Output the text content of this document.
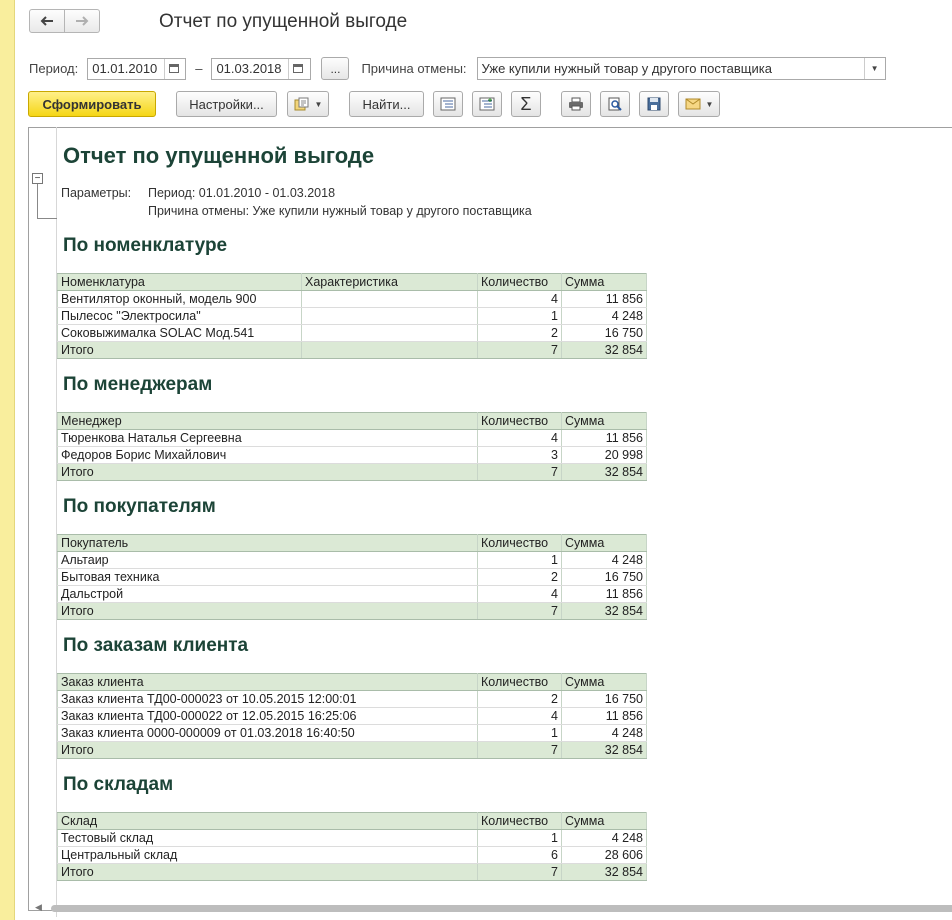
Отчет по упущенной выгоде
Период:	01.01.2010	–	01.03.2018	...	Причина отмены:	Уже купили нужный товар у другого поставщика	▼
Сформировать	Настройки...	▼	Найти...	Σ	▼
−
Отчет по упущенной выгоде
Параметры: Период: 01.01.2010 - 01.03.2018
Причина отмены: Уже купили нужный товар у другого поставщика
По номенклатуре
Номенклатура	Характеристика	Количество	Сумма
Вентилятор оконный, модель 900		4	11 856
Пылесос "Электросила"		1	4 248
Соковыжималка SOLAC Мод.541		2	16 750
Итого		7	32 854
По менеджерам
Менеджер	Количество	Сумма
Тюренкова Наталья Сергеевна	4	11 856
Федоров Борис Михайлович	3	20 998
Итого	7	32 854
По покупателям
Покупатель	Количество	Сумма
Альтаир	1	4 248
Бытовая техника	2	16 750
Дальстрой	4	11 856
Итого	7	32 854
По заказам клиента
Заказ клиента	Количество	Сумма
Заказ клиента ТД00-000023 от 10.05.2015 12:00:01	2	16 750
Заказ клиента ТД00-000022 от 12.05.2015 16:25:06	4	11 856
Заказ клиента 0000-000009 от 01.03.2018 16:40:50	1	4 248
Итого	7	32 854
По складам
Склад	Количество	Сумма
Тестовый склад	1	4 248
Центральный склад	6	28 606
Итого	7	32 854
◀
